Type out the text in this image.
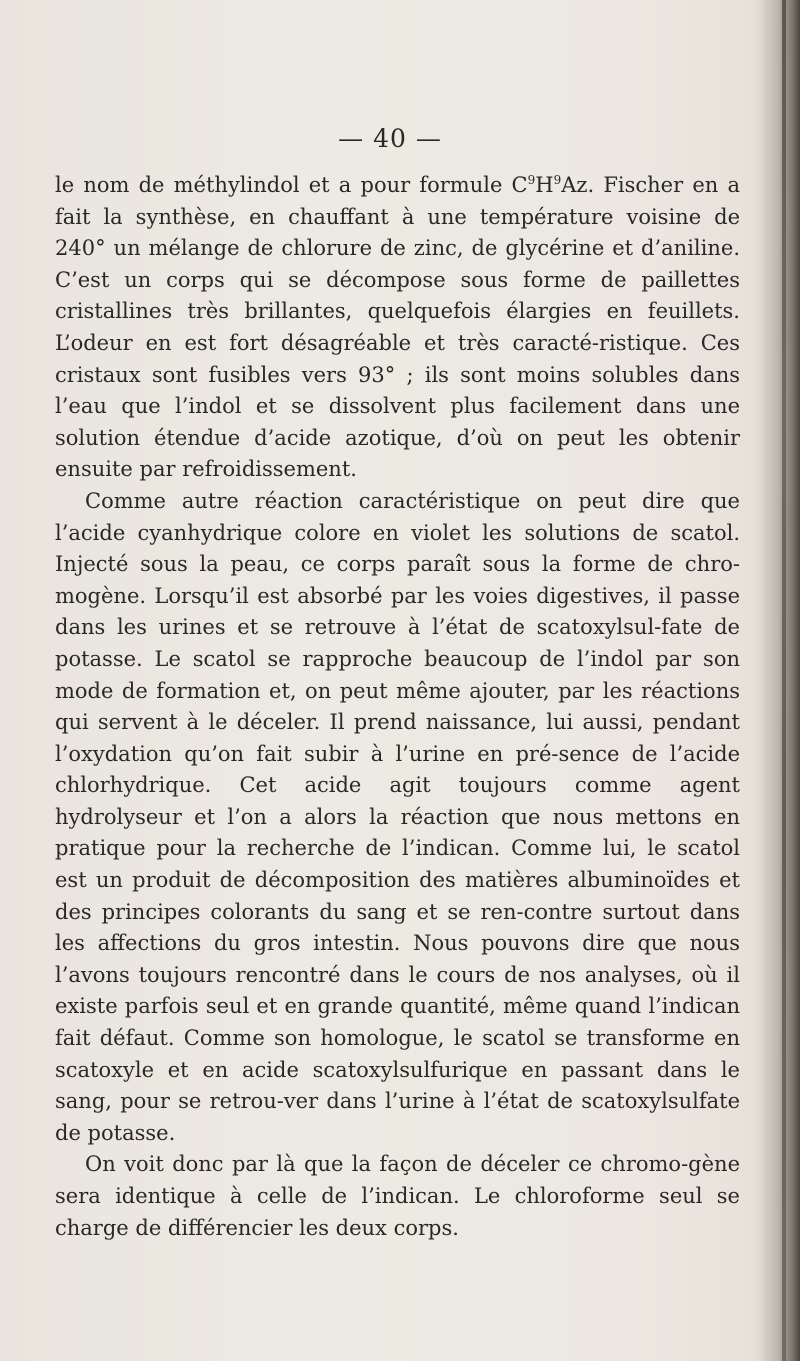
— 40 —

le nom de méthylindol et a pour formule $C^9H^9Az$. Fischer en a fait la synthèse, en chauffant à une température voisine de 240° un mélange de chlorure de zinc, de glycérine et d’aniline. C’est un corps qui se décompose sous forme de paillettes cristallines très brillantes, quelquefois élargies en feuillets. L’odeur en est fort désagréable et très caracté-ristique. Ces cristaux sont fusibles vers 93° ; ils sont moins solubles dans l’eau que l’indol et se dissolvent plus facilement dans une solution étendue d’acide azotique, d’où on peut les obtenir ensuite par refroidissement.

Comme autre réaction caractéristique on peut dire que l’acide cyanhydrique colore en violet les solutions de scatol. Injecté sous la peau, ce corps paraît sous la forme de chro-mogène. Lorsqu’il est absorbé par les voies digestives, il passe dans les urines et se retrouve à l’état de scatoxylsul-fate de potasse. Le scatol se rapproche beaucoup de l’indol par son mode de formation et, on peut même ajouter, par les réactions qui servent à le déceler. Il prend naissance, lui aussi, pendant l’oxydation qu’on fait subir à l’urine en pré-sence de l’acide chlorhydrique. Cet acide agit toujours comme agent hydrolyseur et l’on a alors la réaction que nous mettons en pratique pour la recherche de l’indican. Comme lui, le scatol est un produit de décomposition des matières albuminoïdes et des principes colorants du sang et se ren-contre surtout dans les affections du gros intestin. Nous pouvons dire que nous l’avons toujours rencontré dans le cours de nos analyses, où il existe parfois seul et en grande quantité, même quand l’indican fait défaut. Comme son homologue, le scatol se transforme en scatoxyle et en acide scatoxylsulfurique en passant dans le sang, pour se retrou-ver dans l’urine à l’état de scatoxylsulfate de potasse.

On voit donc par là que la façon de déceler ce chromo-gène sera identique à celle de l’indican. Le chloroforme seul se charge de différencier les deux corps.
